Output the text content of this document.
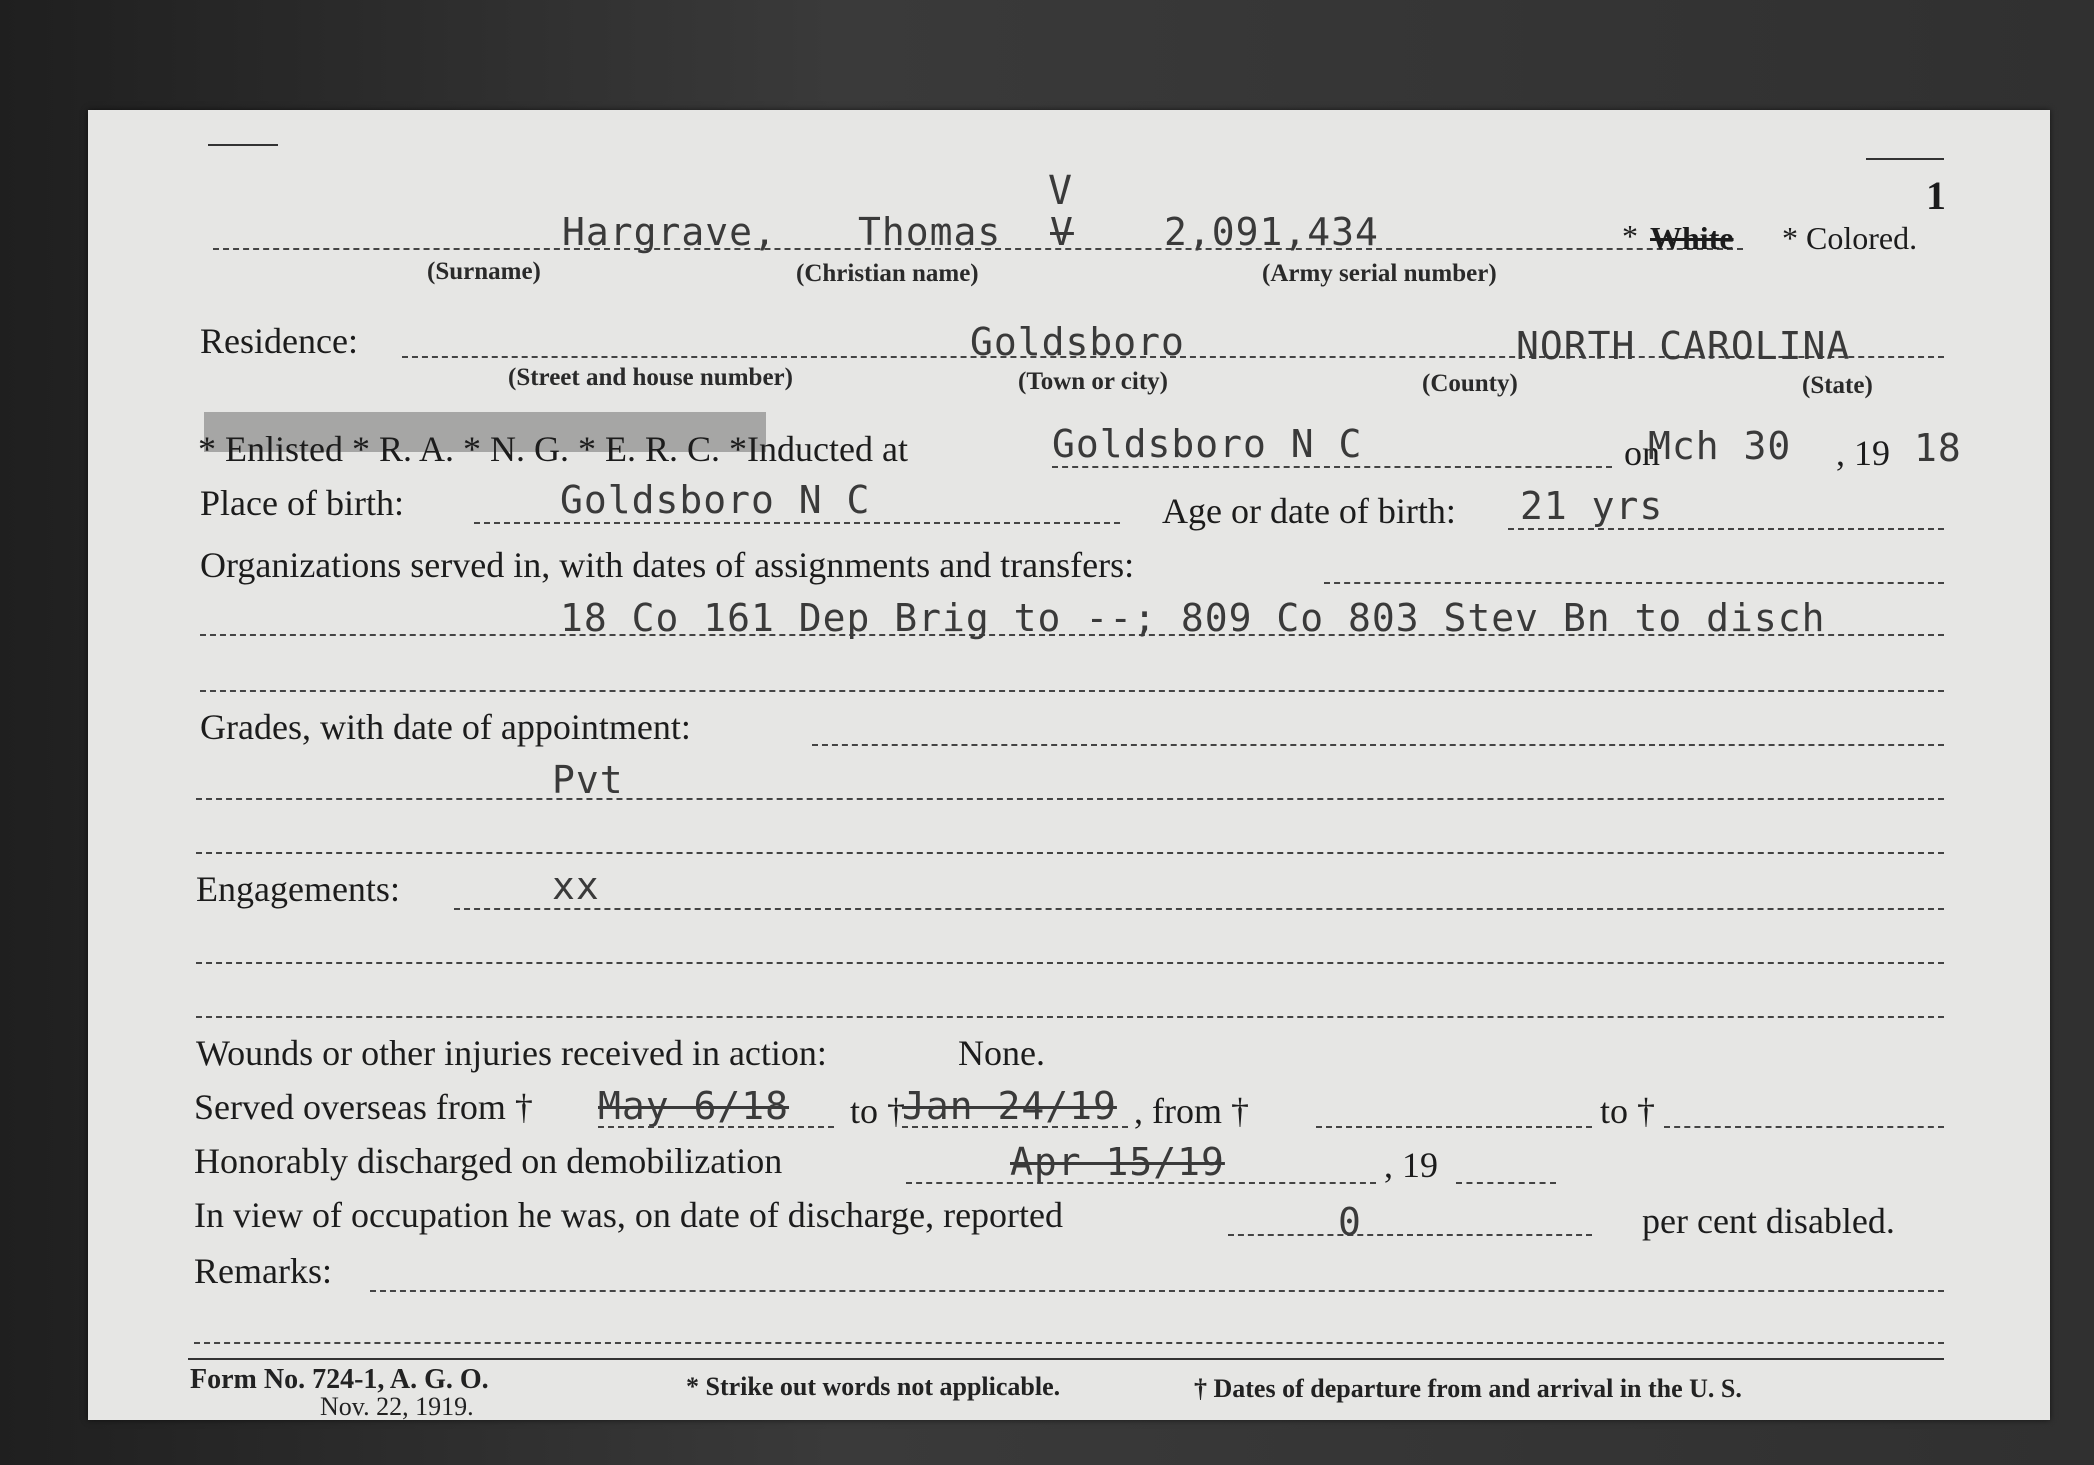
1
V
Hargrave, Thomas V 2,091,434	* White * Colored.
(Surname)	(Christian name)	(Army serial number)
Residence:	Goldsboro	NORTH CAROLINA
(Street and house number)	(Town or city)	(County)	(State)
* Enlisted * R. A. * N. G. * E. R. C. *Inducted at	Goldsboro N C	on
Mch 30 , 19 18
Place of birth:	Goldsboro N C	Age or date of birth: 21 yrs
Organizations served in, with dates of assignments and transfers:
18 Co 161 Dep Brig to --; 809 Co 803 Stev Bn to disch
Grades, with date of appointment:
Pvt
Engagements:	xx
Wounds or other injuries received in action:	None.
Served overseas from † May 6/18 to †
Jan 24/19 , from †	to †
Honorably discharged on demobilization	Apr 15/19	, 19
In view of occupation he was, on date of discharge, reported	0	per cent disabled.
Remarks:
Form No. 724-1, A. G. O.
Nov. 22, 1919.
* Strike out words not applicable.	† Dates of departure from and arrival in the U. S.
